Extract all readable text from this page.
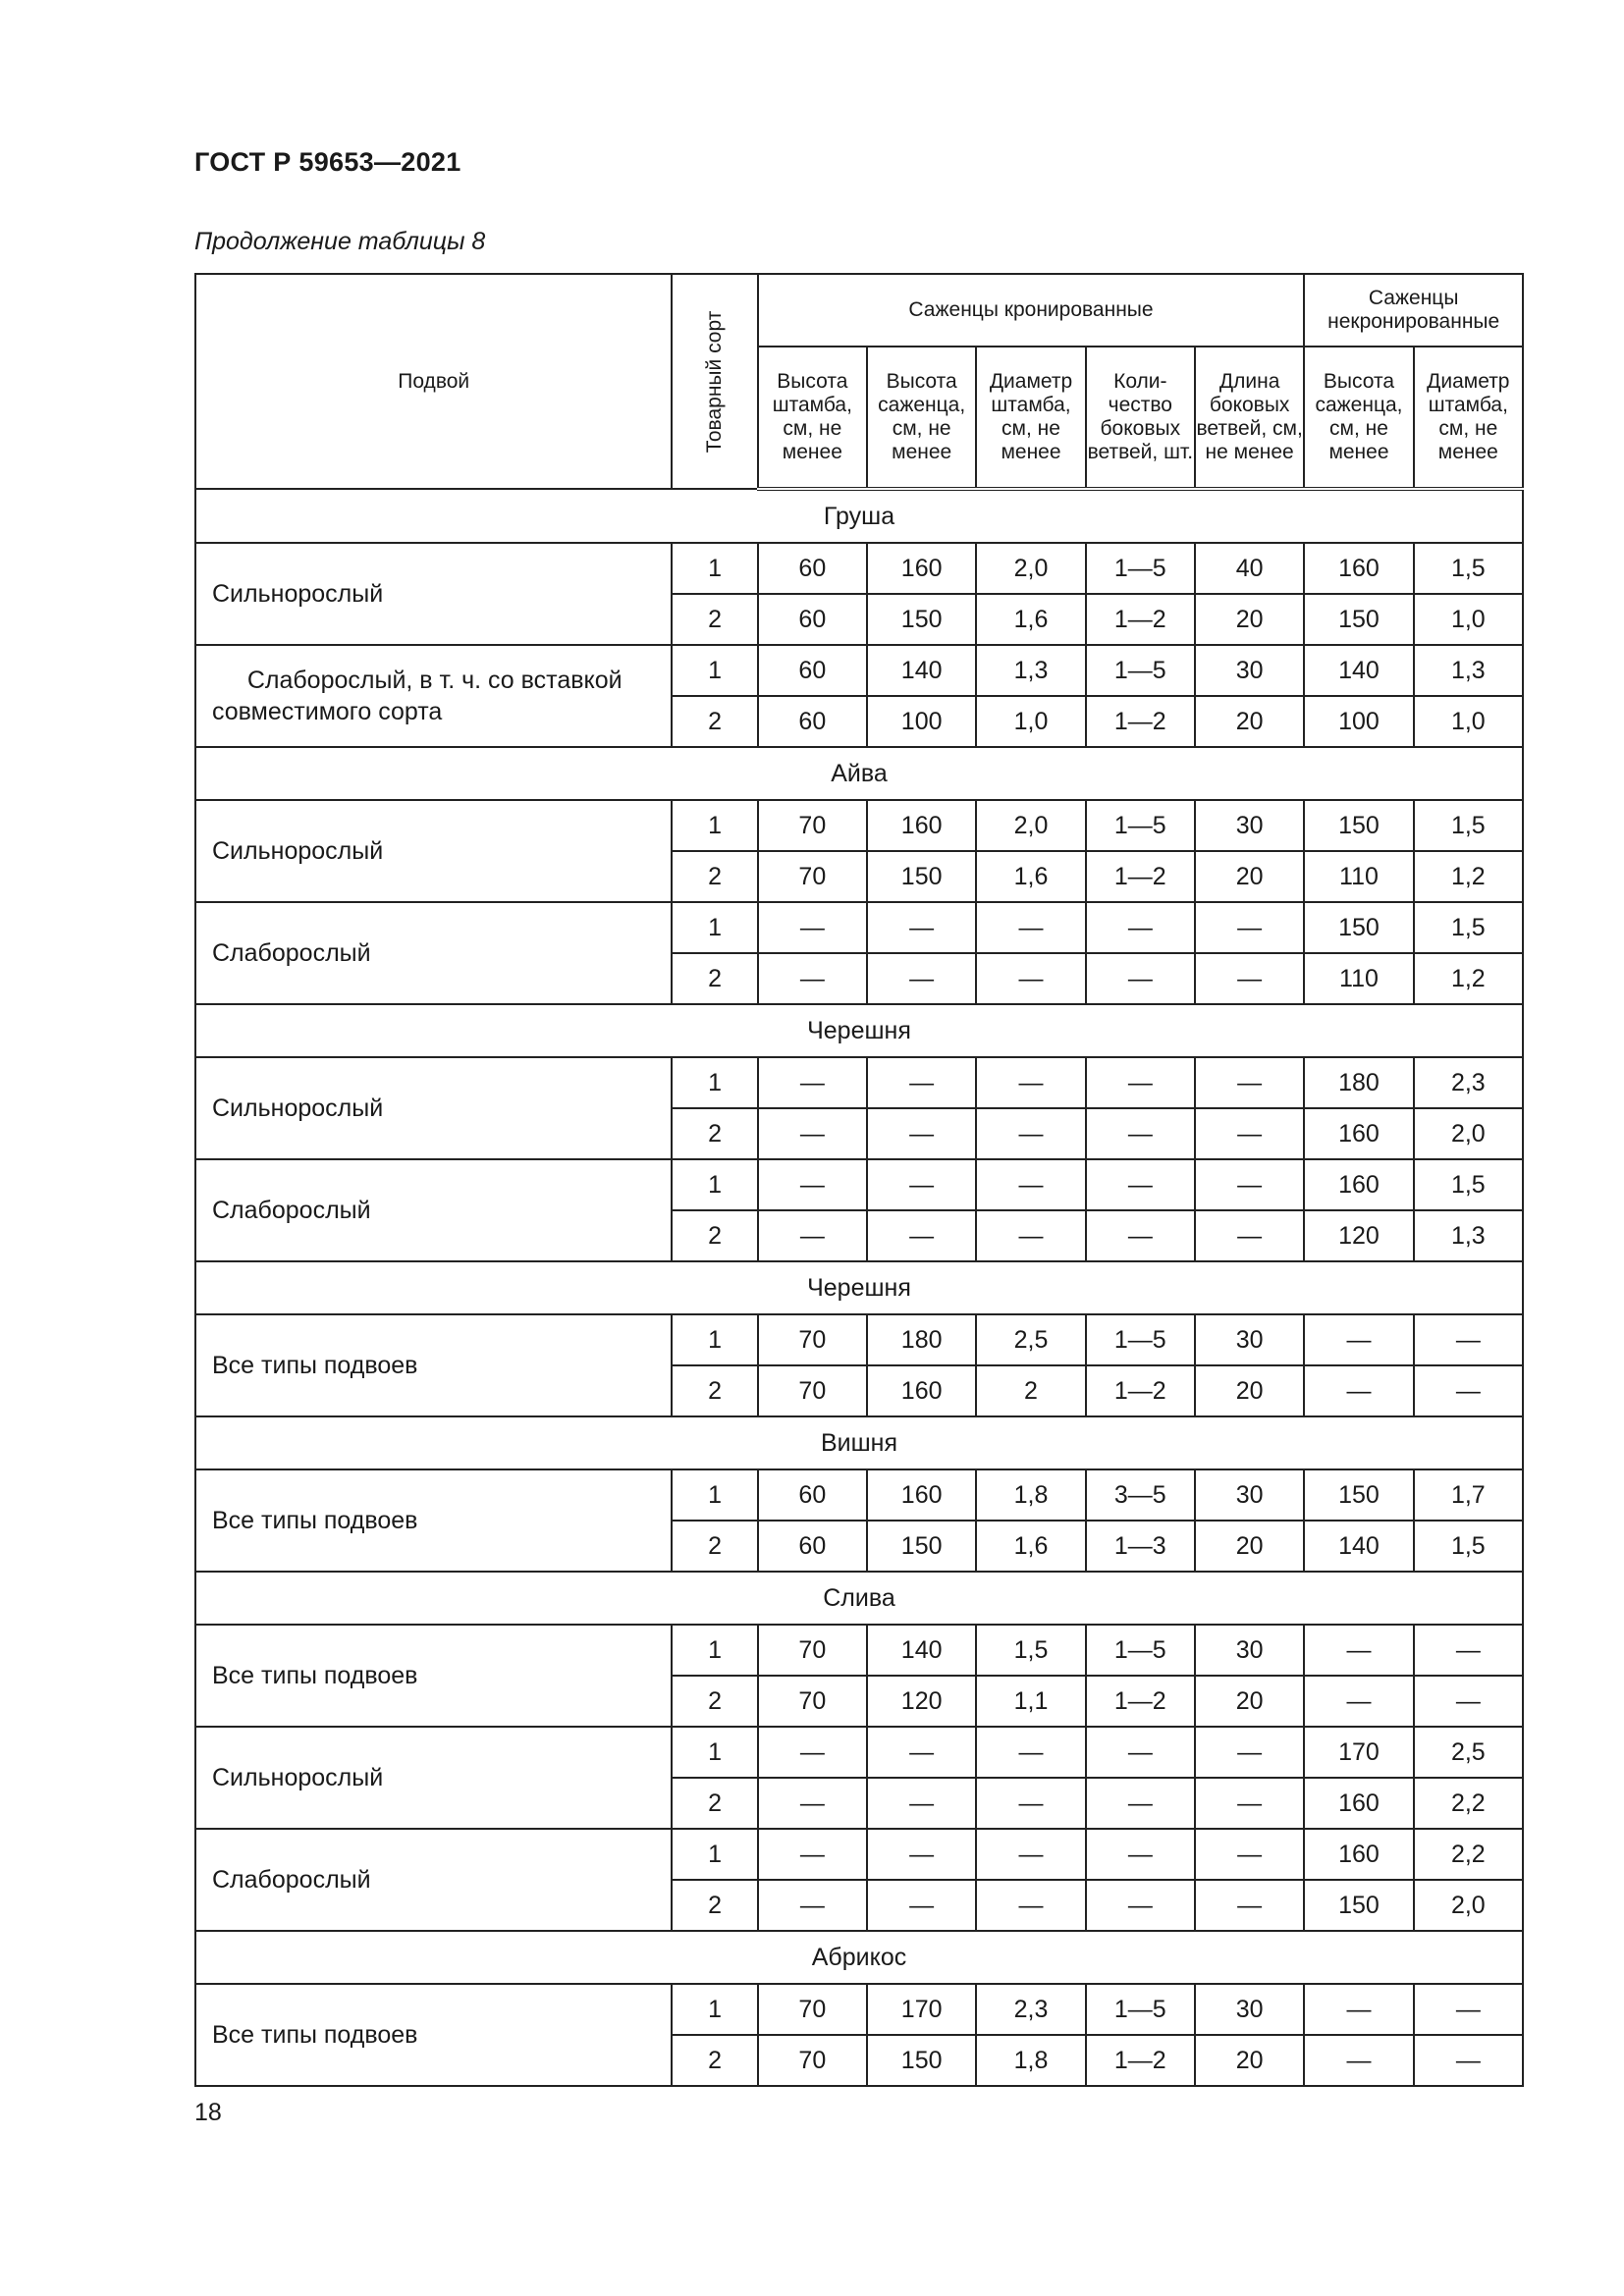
ГОСТ Р 59653—2021
Продолжение таблицы 8
Подвой	Товарный сорт	Саженцы кронированные					Саженцы некронированные	
		Высота штамба, см, не менее	Высота саженца, см, не менее	Диаметр штамба, см, не менее	Коли-чество боковых ветвей, шт.	Длина боковых ветвей, см, не менее	Высота саженца, см, не менее	Диаметр штамба, см, не менее
Груша								
Сильнорослый	1	60	160	2,0	1—5	40	160	1,5
	2	60	150	1,6	1—2	20	150	1,0
Слаборослый, в т. ч. со вставкой совместимого сорта	1	60	140	1,3	1—5	30	140	1,3
	2	60	100	1,0	1—2	20	100	1,0
Айва								
Сильнорослый	1	70	160	2,0	1—5	30	150	1,5
	2	70	150	1,6	1—2	20	110	1,2
Слаборослый	1	—	—	—	—	—	150	1,5
	2	—	—	—	—	—	110	1,2
Черешня								
Сильнорослый	1	—	—	—	—	—	180	2,3
	2	—	—	—	—	—	160	2,0
Слаборослый	1	—	—	—	—	—	160	1,5
	2	—	—	—	—	—	120	1,3
Черешня								
Все типы подвоев	1	70	180	2,5	1—5	30	—	—
	2	70	160	2	1—2	20	—	—
Вишня								
Все типы подвоев	1	60	160	1,8	3—5	30	150	1,7
	2	60	150	1,6	1—3	20	140	1,5
Слива								
Все типы подвоев	1	70	140	1,5	1—5	30	—	—
	2	70	120	1,1	1—2	20	—	—
Сильнорослый	1	—	—	—	—	—	170	2,5
	2	—	—	—	—	—	160	2,2
Слаборослый	1	—	—	—	—	—	160	2,2
	2	—	—	—	—	—	150	2,0
Абрикос								
Все типы подвоев	1	70	170	2,3	1—5	30	—	—
	2	70	150	1,8	1—2	20	—	—
18
